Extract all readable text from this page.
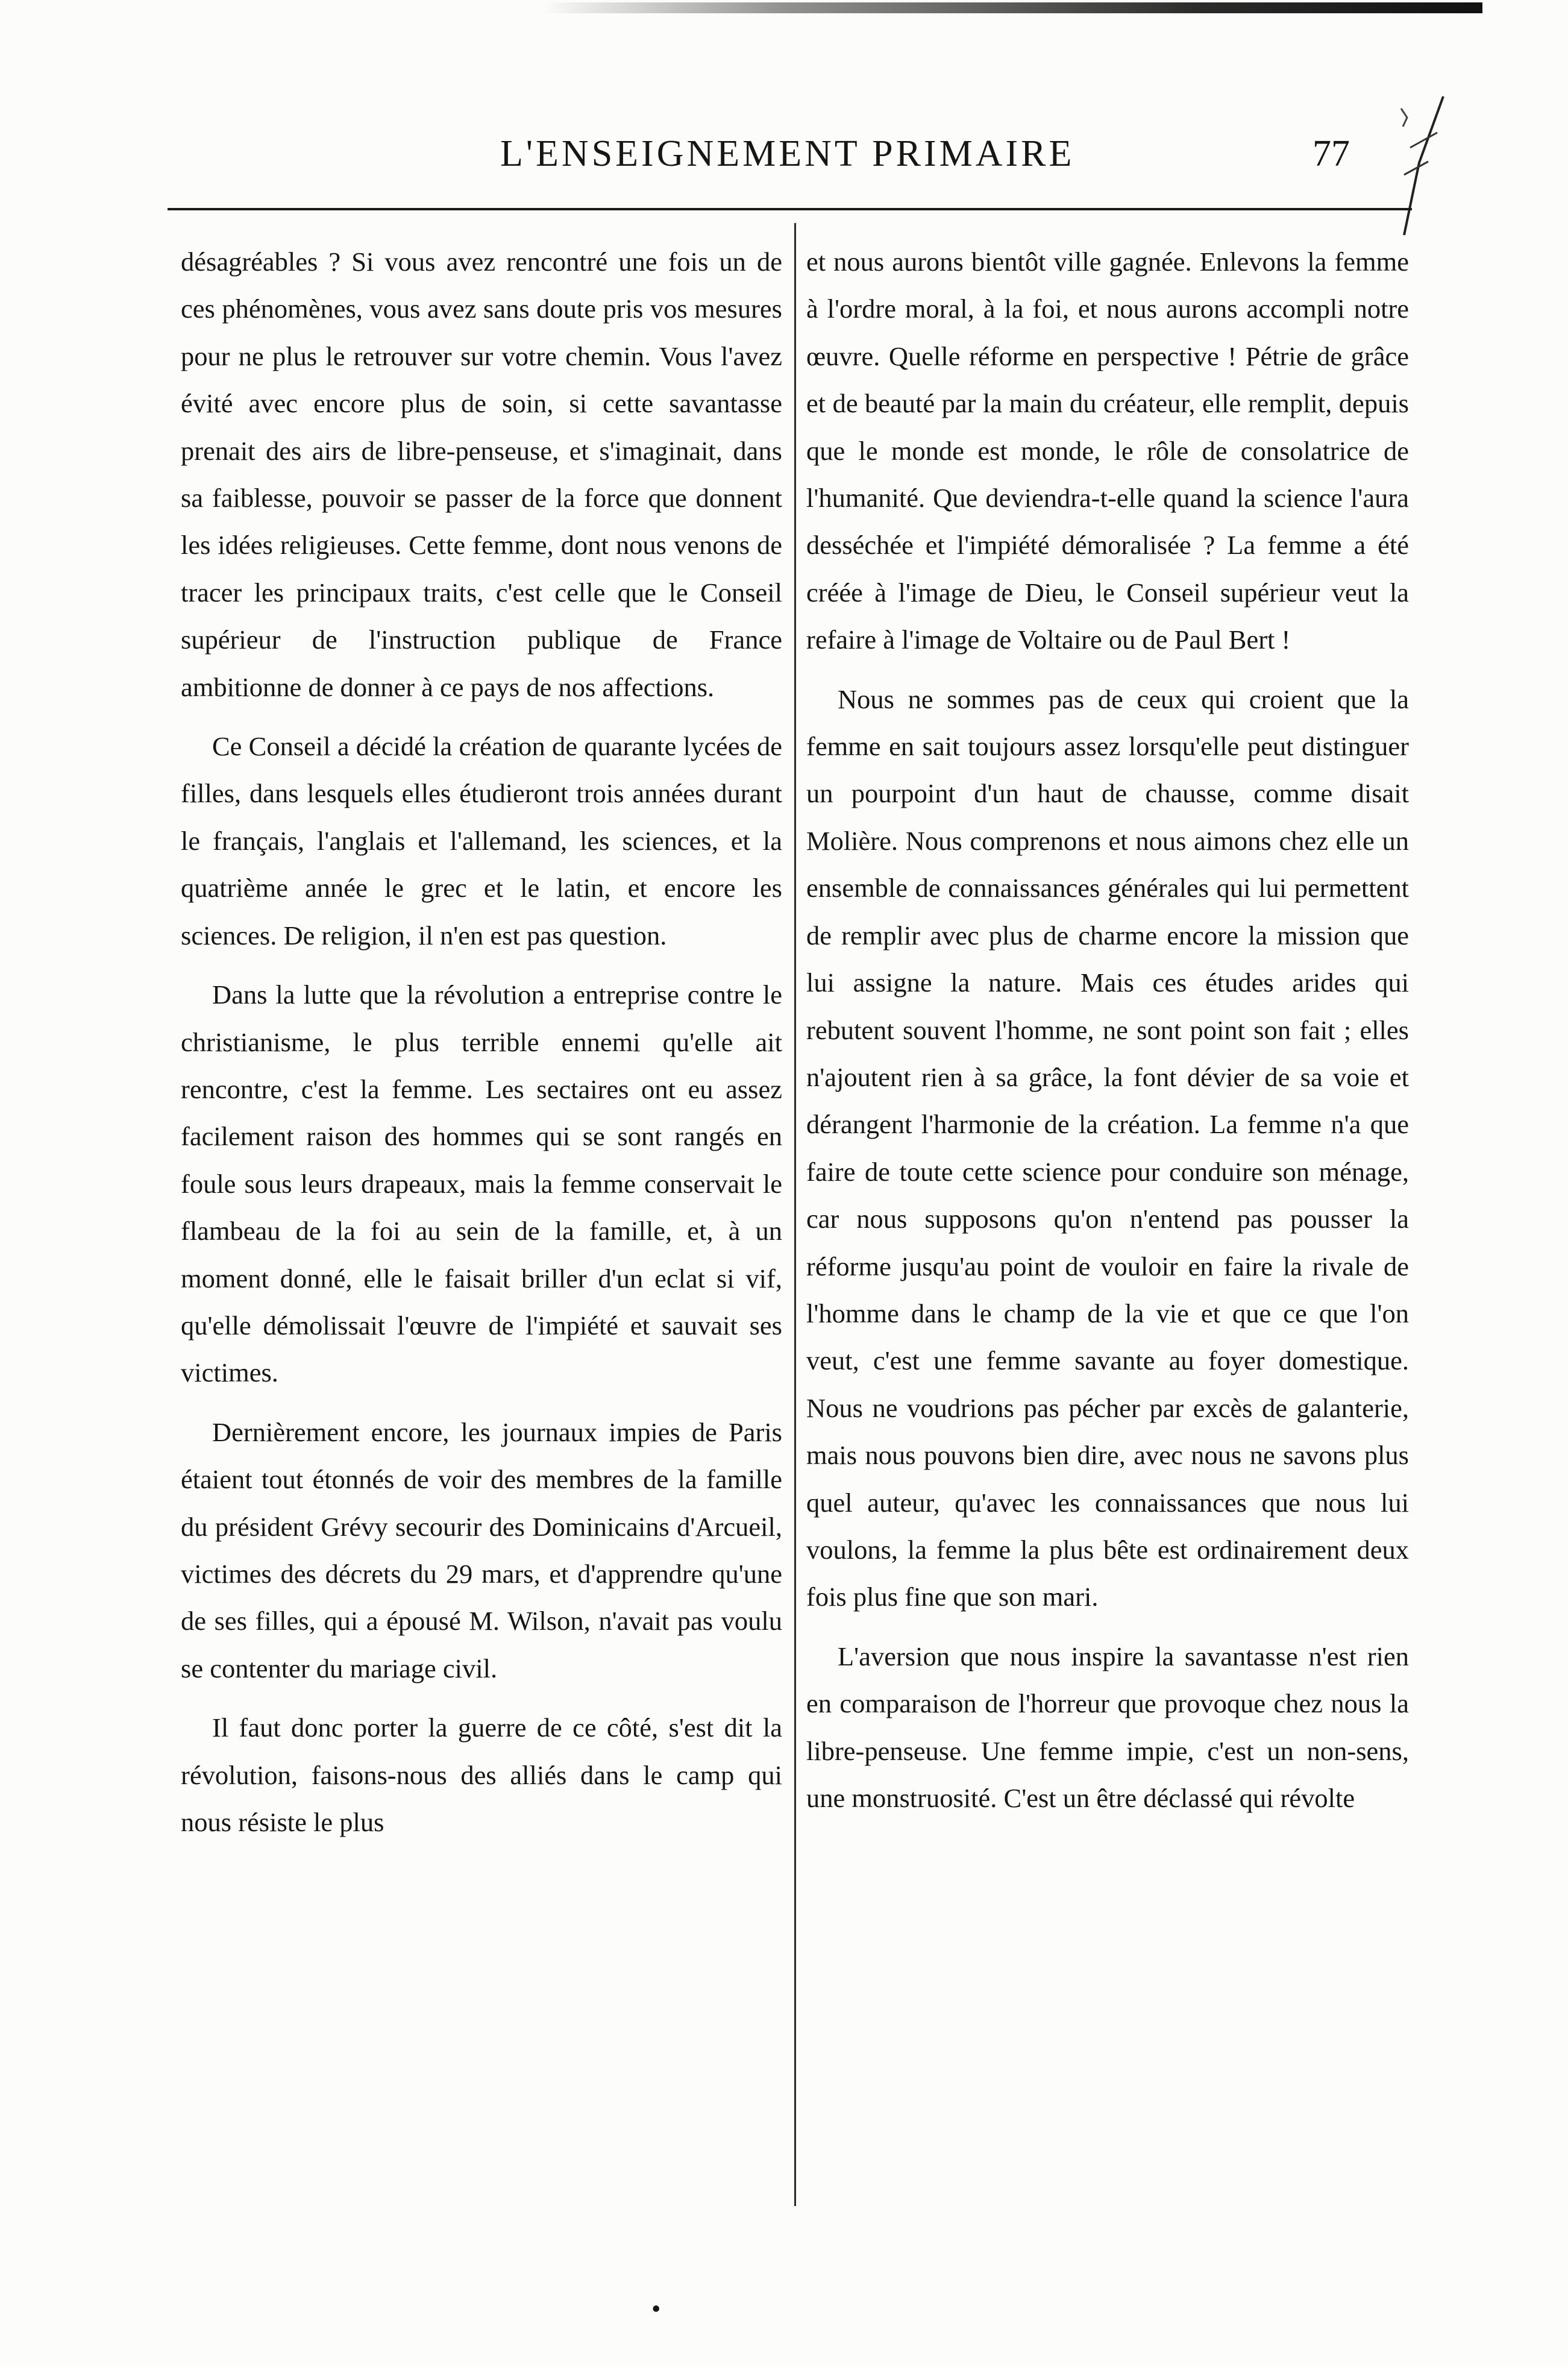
L'ENSEIGNEMENT PRIMAIRE	77

désagréables ? Si vous avez rencontré une fois un de ces phénomènes, vous avez sans doute pris vos mesures pour ne plus le retrouver sur votre chemin. Vous l'avez évité avec encore plus de soin, si cette savantasse prenait des airs de libre-penseuse, et s'imaginait, dans sa faiblesse, pouvoir se passer de la force que donnent les idées religieuses. Cette femme, dont nous venons de tracer les principaux traits, c'est celle que le Conseil supérieur de l'instruction publique de France ambitionne de donner à ce pays de nos affections.

Ce Conseil a décidé la création de quarante lycées de filles, dans lesquels elles étudieront trois années durant le français, l'anglais et l'allemand, les sciences, et la quatrième année le grec et le latin, et encore les sciences. De religion, il n'en est pas question.

Dans la lutte que la révolution a entreprise contre le christianisme, le plus terrible ennemi qu'elle ait rencontre, c'est la femme. Les sectaires ont eu assez facilement raison des hommes qui se sont rangés en foule sous leurs drapeaux, mais la femme conservait le flambeau de la foi au sein de la famille, et, à un moment donné, elle le faisait briller d'un eclat si vif, qu'elle démolissait l'œuvre de l'impiété et sauvait ses victimes.

Dernièrement encore, les journaux impies de Paris étaient tout étonnés de voir des membres de la famille du président Grévy secourir des Dominicains d'Arcueil, victimes des décrets du 29 mars, et d'apprendre qu'une de ses filles, qui a épousé M. Wilson, n'avait pas voulu se contenter du mariage civil.

Il faut donc porter la guerre de ce côté, s'est dit la révolution, faisons-nous des alliés dans le camp qui nous résiste le plus

et nous aurons bientôt ville gagnée. Enlevons la femme à l'ordre moral, à la foi, et nous aurons accompli notre œuvre. Quelle réforme en perspective ! Pétrie de grâce et de beauté par la main du créateur, elle remplit, depuis que le monde est monde, le rôle de consolatrice de l'humanité. Que deviendra-t-elle quand la science l'aura desséchée et l'impiété démoralisée ? La femme a été créée à l'image de Dieu, le Conseil supérieur veut la refaire à l'image de Voltaire ou de Paul Bert !

Nous ne sommes pas de ceux qui croient que la femme en sait toujours assez lorsqu'elle peut distinguer un pourpoint d'un haut de chausse, comme disait Molière. Nous comprenons et nous aimons chez elle un ensemble de connaissances générales qui lui permettent de remplir avec plus de charme encore la mission que lui assigne la nature. Mais ces études arides qui rebutent souvent l'homme, ne sont point son fait ; elles n'ajoutent rien à sa grâce, la font dévier de sa voie et dérangent l'harmonie de la création. La femme n'a que faire de toute cette science pour conduire son ménage, car nous supposons qu'on n'entend pas pousser la réforme jusqu'au point de vouloir en faire la rivale de l'homme dans le champ de la vie et que ce que l'on veut, c'est une femme savante au foyer domestique. Nous ne voudrions pas pécher par excès de galanterie, mais nous pouvons bien dire, avec nous ne savons plus quel auteur, qu'avec les connaissances que nous lui voulons, la femme la plus bête est ordinairement deux fois plus fine que son mari.

L'aversion que nous inspire la savantasse n'est rien en comparaison de l'horreur que provoque chez nous la libre-penseuse. Une femme impie, c'est un non-sens, une monstruosité. C'est un être déclassé qui révolte

•
